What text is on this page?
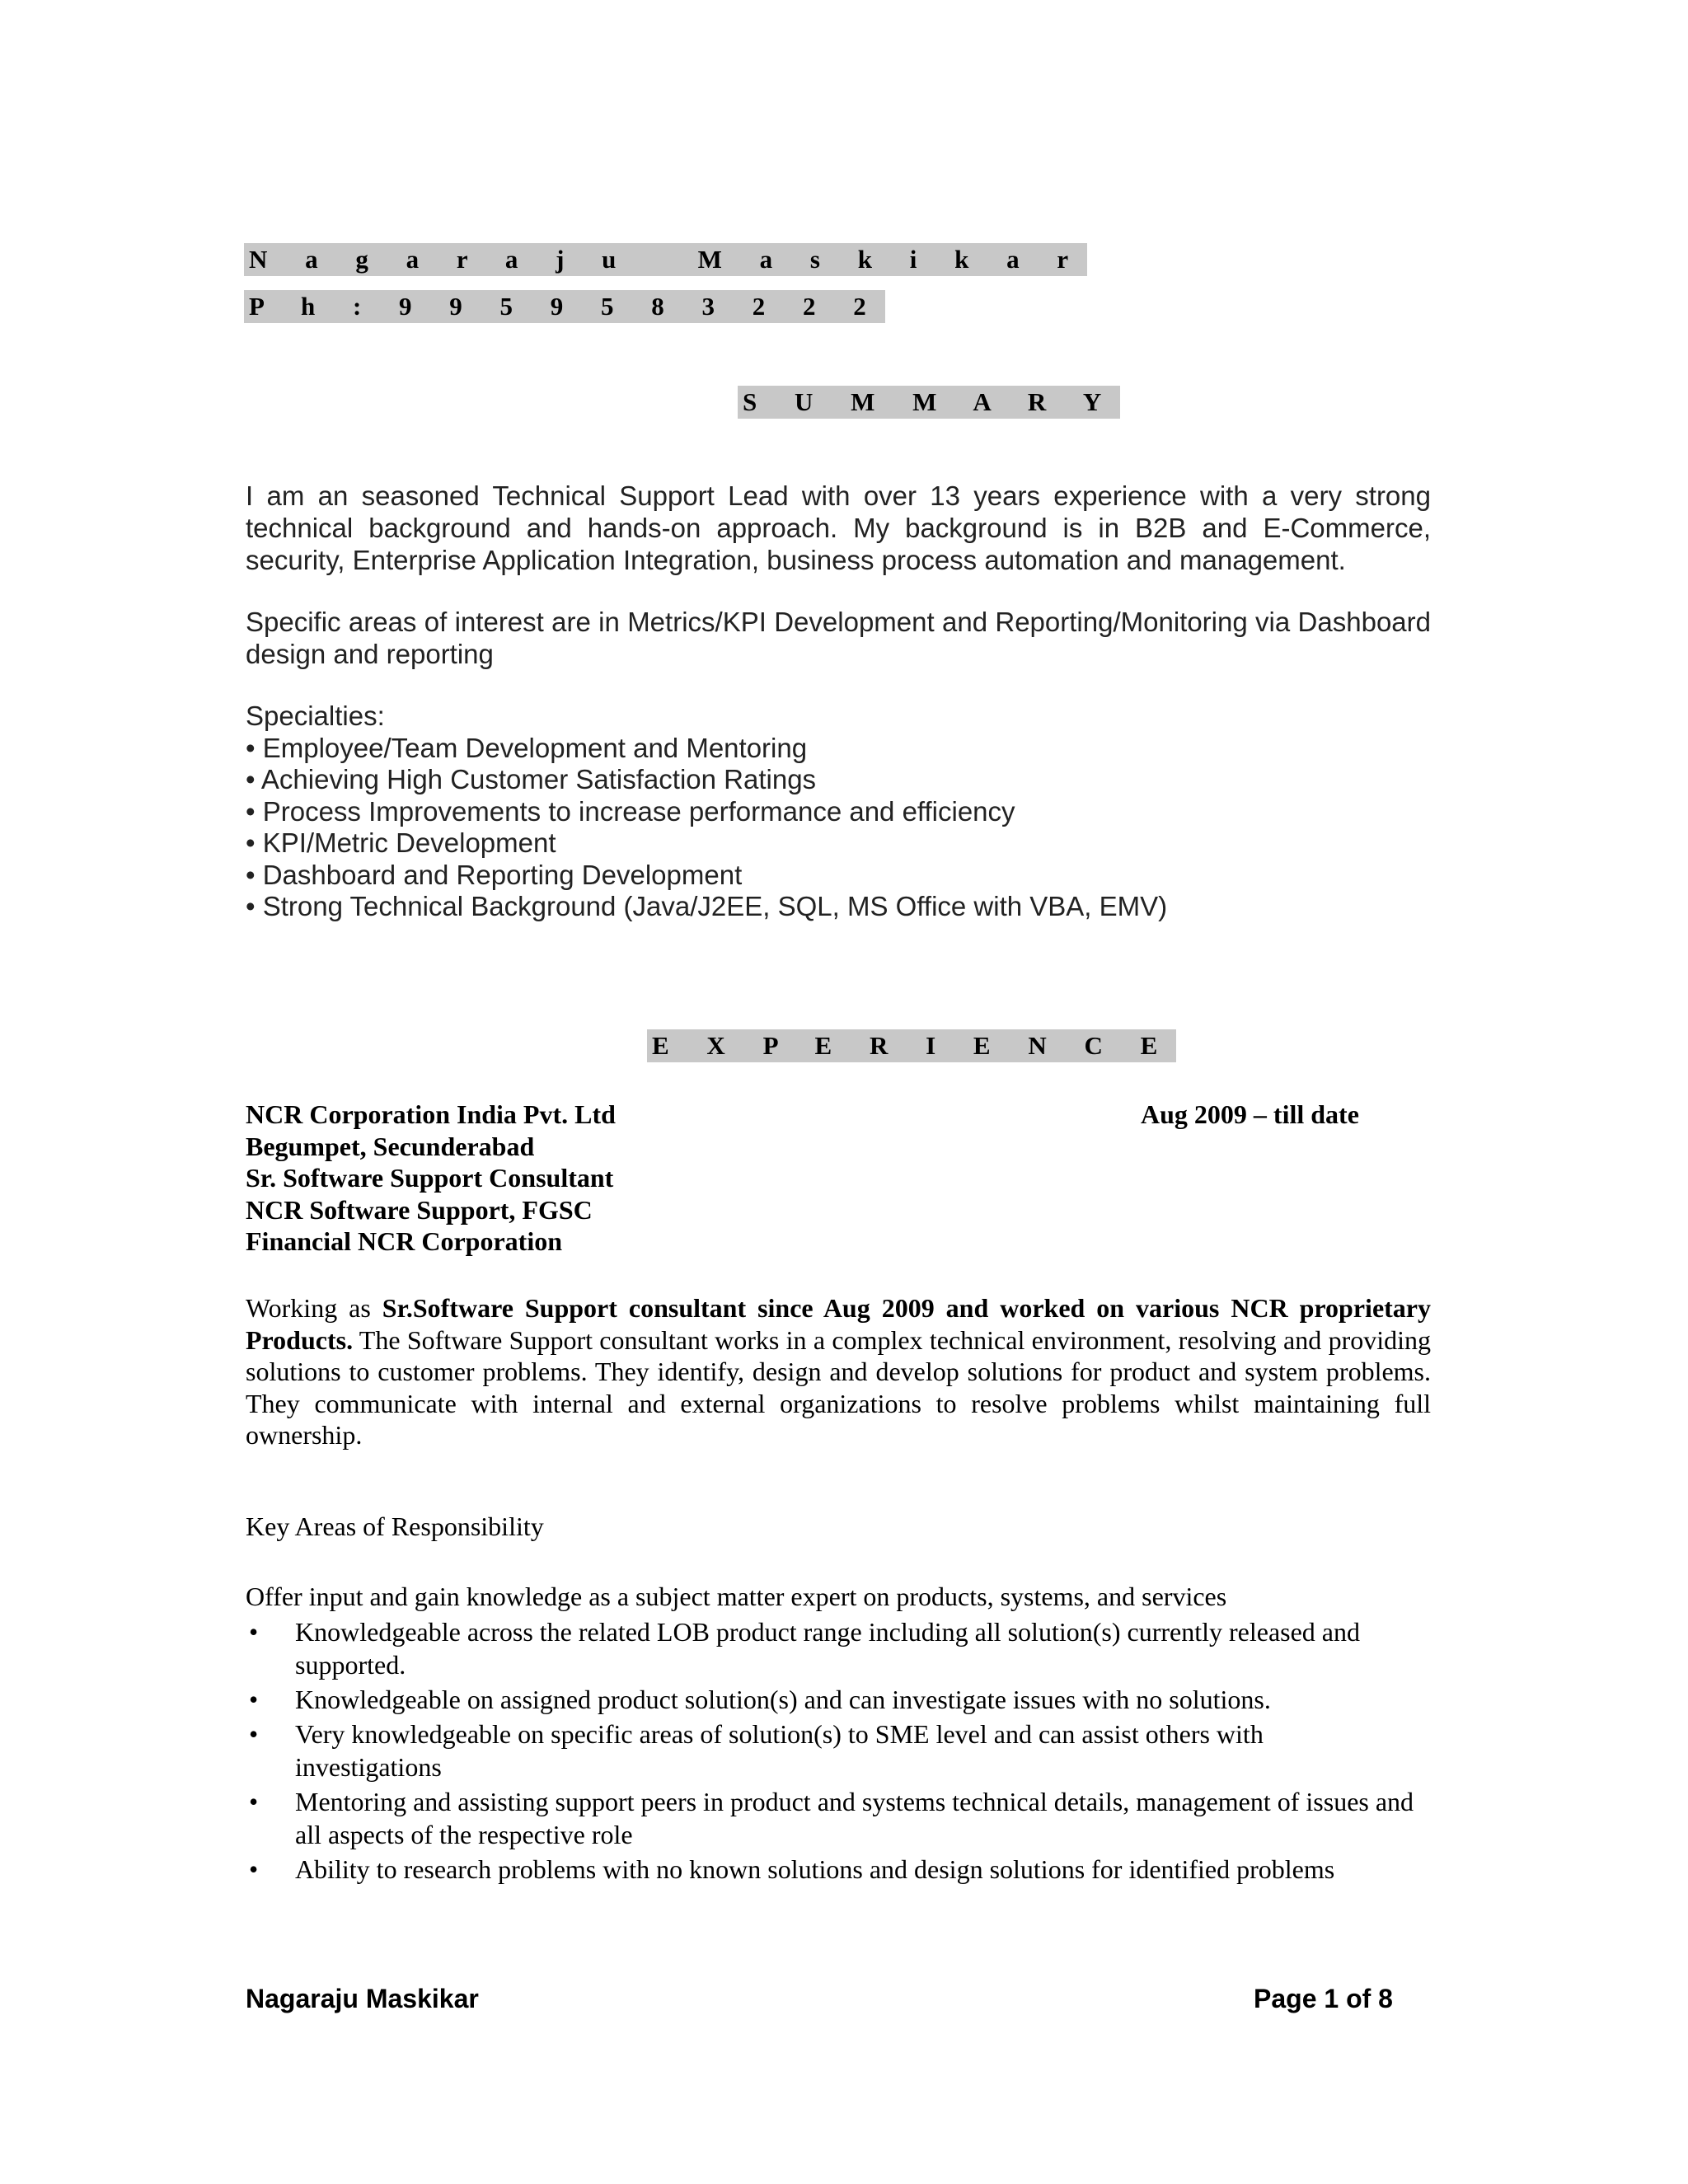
N a g a r a j u   M a s k i k a r
P h : 9 9 5 9 5 8 3 2 2 2
S U M M A R Y
I am an seasoned Technical Support Lead with over 13 years experience with a very strong technical background and hands-on approach. My background is in B2B and E-Commerce, security, Enterprise Application Integration, business process automation and management.
Specific areas of interest are in Metrics/KPI Development and Reporting/Monitoring via Dashboard design and reporting
Specialties:
• Employee/Team Development and Mentoring
• Achieving High Customer Satisfaction Ratings
• Process Improvements to increase performance and efficiency
• KPI/Metric Development
• Dashboard and Reporting Development
• Strong Technical Background (Java/J2EE, SQL, MS Office with VBA, EMV)
E X P E R I E N C E
NCR Corporation India Pvt. Ltd
Begumpet, Secunderabad
Sr. Software Support Consultant
NCR Software Support, FGSC
Financial NCR Corporation
Aug 2009 – till date
Working as Sr.Software Support consultant since Aug 2009 and worked on various NCR proprietary Products. The Software Support consultant works in a complex technical environment, resolving and providing solutions to customer problems. They identify, design and develop solutions for product and system problems. They communicate with internal and external organizations to resolve problems whilst maintaining full ownership.
Key Areas of Responsibility
Offer input and gain knowledge as a subject matter expert on products, systems, and services
• Knowledgeable across the related LOB product range including all solution(s) currently released and supported.
• Knowledgeable on assigned product solution(s) and can investigate issues with no solutions.
• Very knowledgeable on specific areas of solution(s) to SME level and can assist others with investigations
• Mentoring and assisting support peers in product and systems technical details, management of issues and all aspects of the respective role
• Ability to research problems with no known solutions and design solutions for identified problems
Nagaraju Maskikar	Page 1 of 8
